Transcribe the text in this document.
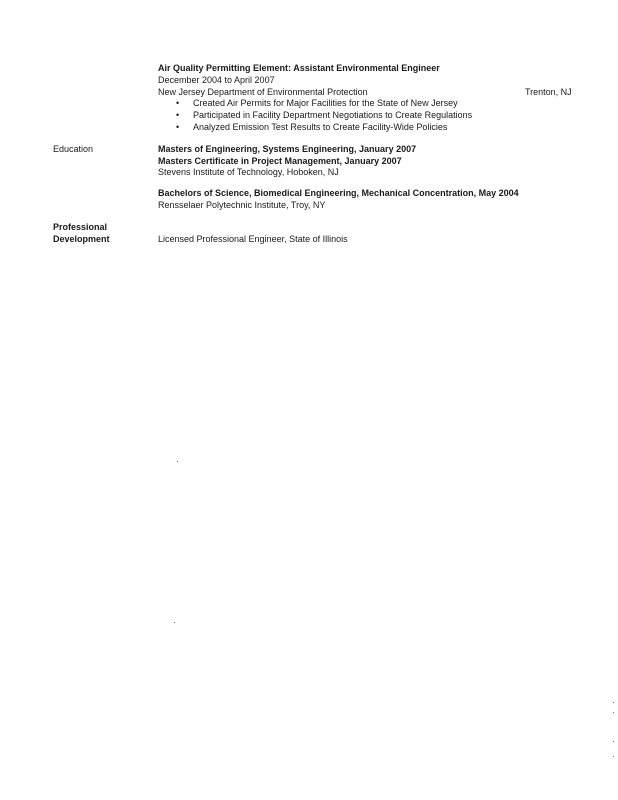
Air Quality Permitting Element: Assistant Environmental Engineer
December 2004 to April 2007
New Jersey Department of Environmental Protection	Trenton, NJ
• Created Air Permits for Major Facilities for the State of New Jersey
• Participated in Facility Department Negotiations to Create Regulations
• Analyzed Emission Test Results to Create Facility-Wide Policies
Education	Masters of Engineering, Systems Engineering, January 2007
Masters Certificate in Project Management, January 2007
Stevens Institute of Technology, Hoboken, NJ
Bachelors of Science, Biomedical Engineering, Mechanical Concentration, May 2004
Rensselaer Polytechnic Institute, Troy, NY
Professional
Development	Licensed Professional Engineer, State of Illinois
